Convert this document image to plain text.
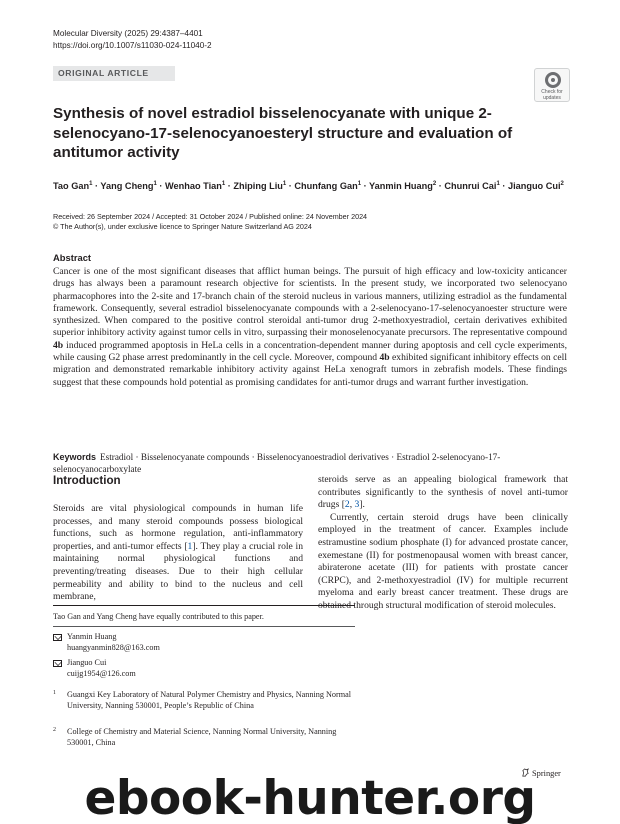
Molecular Diversity (2025) 29:4387–4401
https://doi.org/10.1007/s11030-024-11040-2
ORIGINAL ARTICLE
Check for updates
Synthesis of novel estradiol bisselenocyanate with unique 2-selenocyano-17-selenocyanoesteryl structure and evaluation of antitumor activity
Tao Gan$^1$ · Yang Cheng$^1$ · Wenhao Tian$^1$ · Zhiping Liu$^1$ · Chunfang Gan$^1$ · Yanmin Huang$^2$ · Chunrui Cai$^1$ · Jianguo Cui$^2$
Received: 26 September 2024 / Accepted: 31 October 2024 / Published online: 24 November 2024
© The Author(s), under exclusive licence to Springer Nature Switzerland AG 2024
Abstract

Cancer is one of the most significant diseases that afflict human beings. The pursuit of high efficacy and low-toxicity anticancer drugs has always been a paramount research objective for scientists. In the present study, we incorporated two selenocyano pharmacophores into the 2-site and 17-branch chain of the steroid nucleus in various manners, utilizing estradiol as the fundamental framework. Consequently, several estradiol bisselenocyanate compounds with a 2-selenocyano-17-selenocyanoester structure were synthesized. When compared to the positive control steroidal anti-tumor drug 2-methoxyestradiol, certain derivatives exhibited superior inhibitory activity against tumor cells in vitro, surpassing their monoselenocyanate precursors. The representative compound 4b induced programmed apoptosis in HeLa cells in a concentration-dependent manner during apoptosis and cell cycle experiments, while causing G2 phase arrest predominantly in the cell cycle. Moreover, compound 4b exhibited significant inhibitory effects on cell migration and demonstrated remarkable inhibitory activity against HeLa xenograft tumors in zebrafish models. These findings suggest that these compounds hold potential as promising candidates for anti-tumor drugs and warrant further investigation.

Keywords Estradiol · Bisselenocyanate compounds · Bisselenocyanoestradiol derivatives · Estradiol 2-selenocyano-17-selenocyanocarboxylate
Introduction

Steroids are vital physiological compounds in human life processes, and many steroid compounds possess biological functions, such as hormone regulation, anti-inflammatory properties, and anti-tumor effects [1]. They play a crucial role in maintaining normal physiological functions and preventing/treating diseases. Due to their high cellular permeability and ability to bind to the nucleus and cell membrane,

steroids serve as an appealing biological framework that contributes significantly to the synthesis of novel anti-tumor drugs [2, 3].

Currently, certain steroid drugs have been clinically employed in the treatment of cancer. Examples include estramustine sodium phosphate (I) for advanced prostate cancer, exemestane (II) for postmenopausal women with breast cancer, abiraterone acetate (III) for patients with prostate cancer (CRPC), and 2-methoxyestradiol (IV) for multiple recurrent myeloma and early breast cancer treatment. These drugs are obtained through structural modification of steroid molecules.

Tao Gan and Yang Cheng have equally contributed to this paper.
Yanmin Huang
huangyanmin828@163.com
Jianguo Cui
cuijg1954@126.com
1	Guangxi Key Laboratory of Natural Polymer Chemistry and Physics, Nanning Normal University, Nanning 530001, People’s Republic of China
2	College of Chemistry and Material Science, Nanning Normal University, Nanning 530001, China
Springer
ebook-hunter.org
